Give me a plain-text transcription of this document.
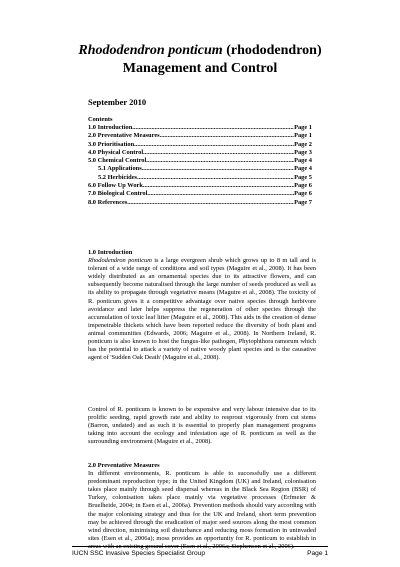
Rhododendron ponticum (rhododendron)
Management and Control
September 2010
Contents
1.0 Introduction .....	Page 1
2.0 Preventative Measures .....	Page 1
3.0 Prioritisation .....	Page 2
4.0 Physical Control .....	Page 3
5.0 Chemical Control .....	Page 4
5.1 Applications .....	Page 4
5.2 Herbicides .....	Page 5
6.0 Follow Up Work .....	Page 6
7.0 Biological Control .....	Page 6
8.0 References .....	Page 7
1.0 Introduction
Rhododendron ponticum is a large evergreen shrub which grows up to 8 m tall and is tolerant of a wide range of conditions and soil types (Maguire et al., 2008). It has been widely distributed as an ornamental species due to its attractive flowers, and can subsequently become naturalised through the large number of seeds produced as well as its ability to propagate through vegetative means (Maguire et al., 2008). The toxicity of R. ponticum gives it a competitive advantage over native species through herbivore avoidance and later helps suppress the regeneration of other species through the accumulation of toxic leaf litter (Maguire et al., 2008). This aids in the creation of dense impenetrable thickets which have been reported reduce the diversity of both plant and animal communities (Edwards, 2006; Maguire et al., 2008). In Northern Ireland, R. ponticum is also known to host the fungus-like pathogen, Phytophthora ramorum which has the potential to attack a variety of native woody plant species and is the causative agent of 'Sudden Oak Death' (Maguire et al., 2008).
Control of R. ponticum is known to be expensive and very labour intensive due to its prolific seeding, rapid growth rate and ability to resprout vigorously from cut stems (Barron, undated) and as such it is essential to properly plan management programs taking into account the ecology and infestation age of R. ponticum as well as the surrounding environment (Maguire et al., 2008).
2.0 Preventative Measures
In different environments, R. ponticum is able to successfully use a different predominant reproduction type; in the United Kingdom (UK) and Ireland, colonisation takes place mainly through seed dispersal whereas in the Black Sea Region (BSR) of Turkey, colonisation takes place mainly via vegetative processes (Erfmeier & Bruelheide, 2004; in Esen et al., 2006a). Prevention methods should vary according with the major colonising strategy and thus for the UK and Ireland, short term prevention may be achieved through the eradication of major seed sources along the most common wind direction, minimising soil disturbance and reducing moss formation in uninvaded sites (Esen et al., 2006a); moss provides an opportunity for R. ponticum to establish in areas with an existing ground cover (Esen et al., 2006a; Stephenson et al., 2006).
IUCN SSC Invasive Species Specialist Group	Page 1
